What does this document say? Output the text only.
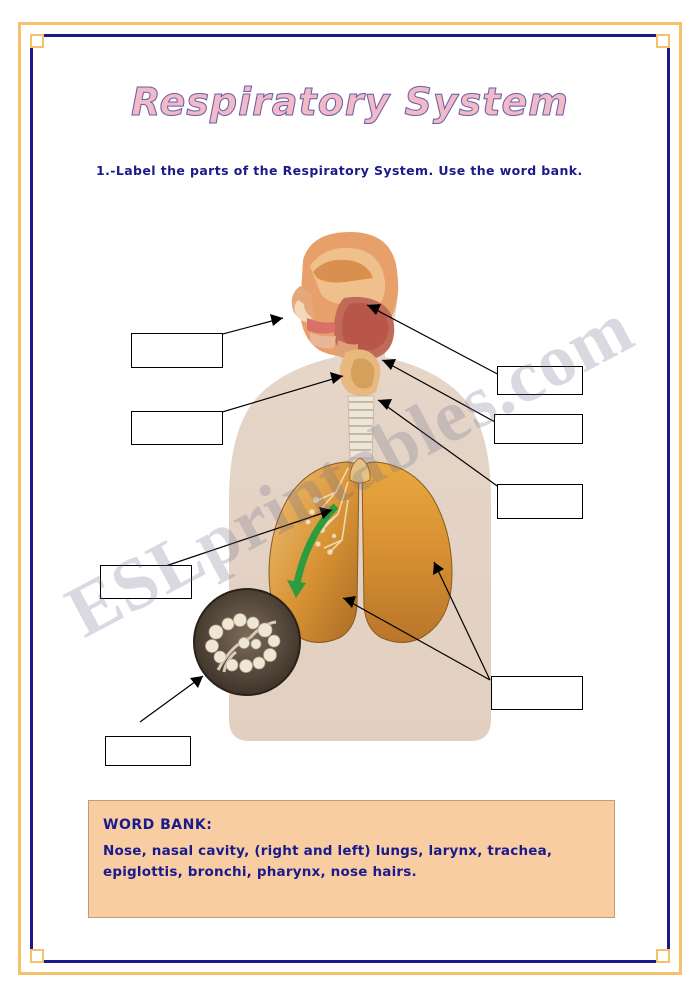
Respiratory System
1.-Label the parts of the Respiratory System. Use the word bank.
ESLprintables.com
WORD BANK:
Nose, nasal cavity, (right and left) lungs, larynx, trachea, epiglottis, bronchi, pharynx, nose hairs.
